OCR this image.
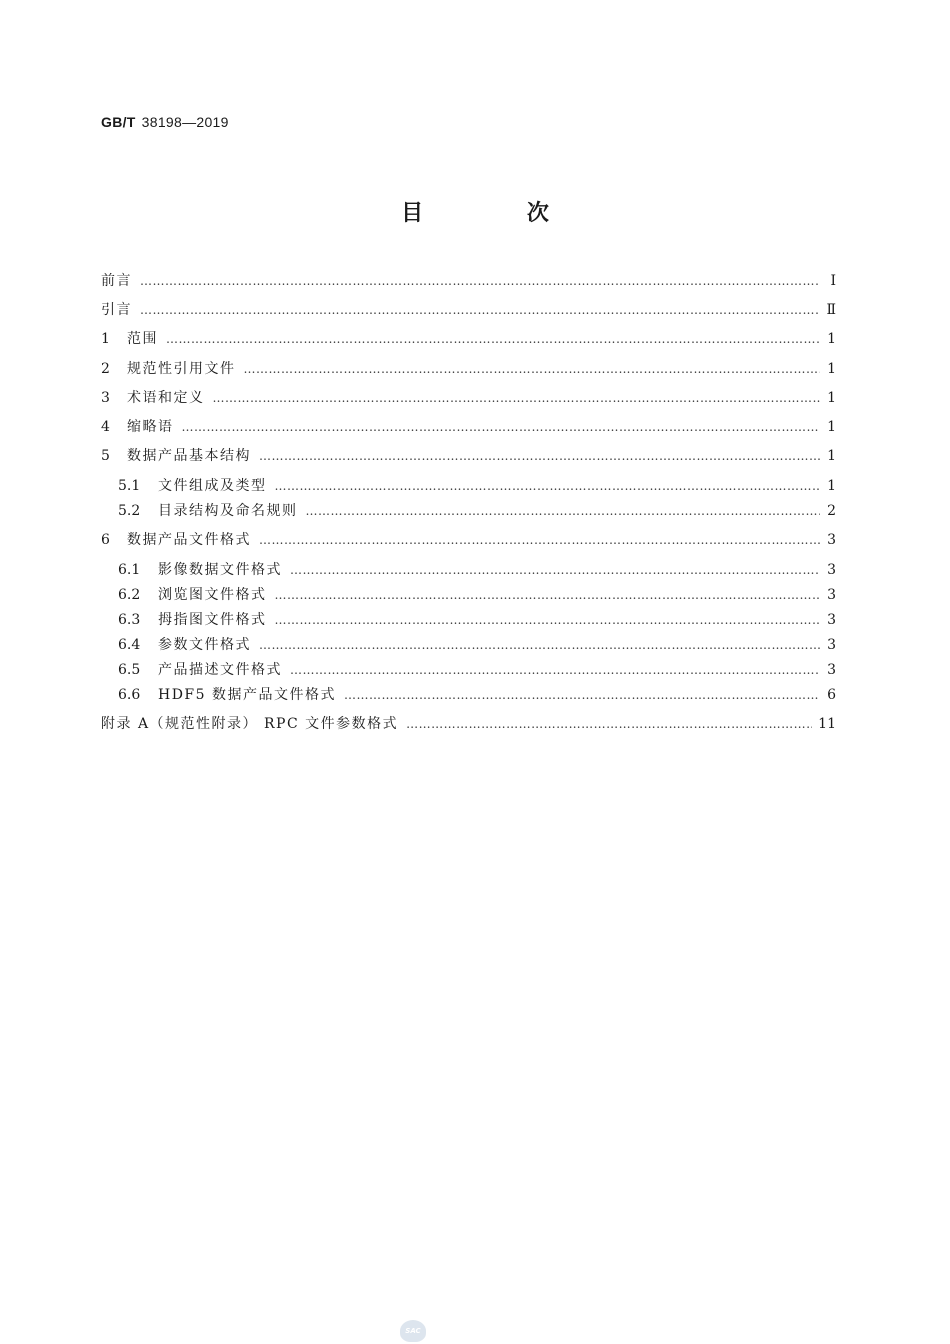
GB/T 38198—2019
目 次
前言 …………………………………………………………………………………………………………………………………………………………………………………………………………………………………………………………………………………………	Ⅰ
引言 …………………………………………………………………………………………………………………………………………………………………………………………………………………………………………………………………………………………	Ⅱ
1	范围 …………………………………………………………………………………………………………………………………………………………………………………………………………………………………………………………………………………………	1
2	规范性引用文件 …………………………………………………………………………………………………………………………………………………………………………………………………………………………………………………………………………………………	1
3	术语和定义 …………………………………………………………………………………………………………………………………………………………………………………………………………………………………………………………………………………………	1
4	缩略语 …………………………………………………………………………………………………………………………………………………………………………………………………………………………………………………………………………………………	1
5	数据产品基本结构 …………………………………………………………………………………………………………………………………………………………………………………………………………………………………………………………………………………………	1
5.1	文件组成及类型 …………………………………………………………………………………………………………………………………………………………………………………………………………………………………………………………………………………………	1
5.2	目录结构及命名规则 …………………………………………………………………………………………………………………………………………………………………………………………………………………………………………………………………………………………	2
6	数据产品文件格式 …………………………………………………………………………………………………………………………………………………………………………………………………………………………………………………………………………………………	3
6.1	影像数据文件格式 …………………………………………………………………………………………………………………………………………………………………………………………………………………………………………………………………………………………	3
6.2	浏览图文件格式 …………………………………………………………………………………………………………………………………………………………………………………………………………………………………………………………………………………………	3
6.3	拇指图文件格式 …………………………………………………………………………………………………………………………………………………………………………………………………………………………………………………………………………………………	3
6.4	参数文件格式 …………………………………………………………………………………………………………………………………………………………………………………………………………………………………………………………………………………………	3
6.5	产品描述文件格式 …………………………………………………………………………………………………………………………………………………………………………………………………………………………………………………………………………………………	3
6.6	HDF5 数据产品文件格式 …………………………………………………………………………………………………………………………………………………………………………………………………………………………………………………………………………………………	6
附录 A（规范性附录） RPC 文件参数格式 …………………………………………………………………………………………………………………………………………………………………………………………………………………………………………………………………………………………	11
SAC
